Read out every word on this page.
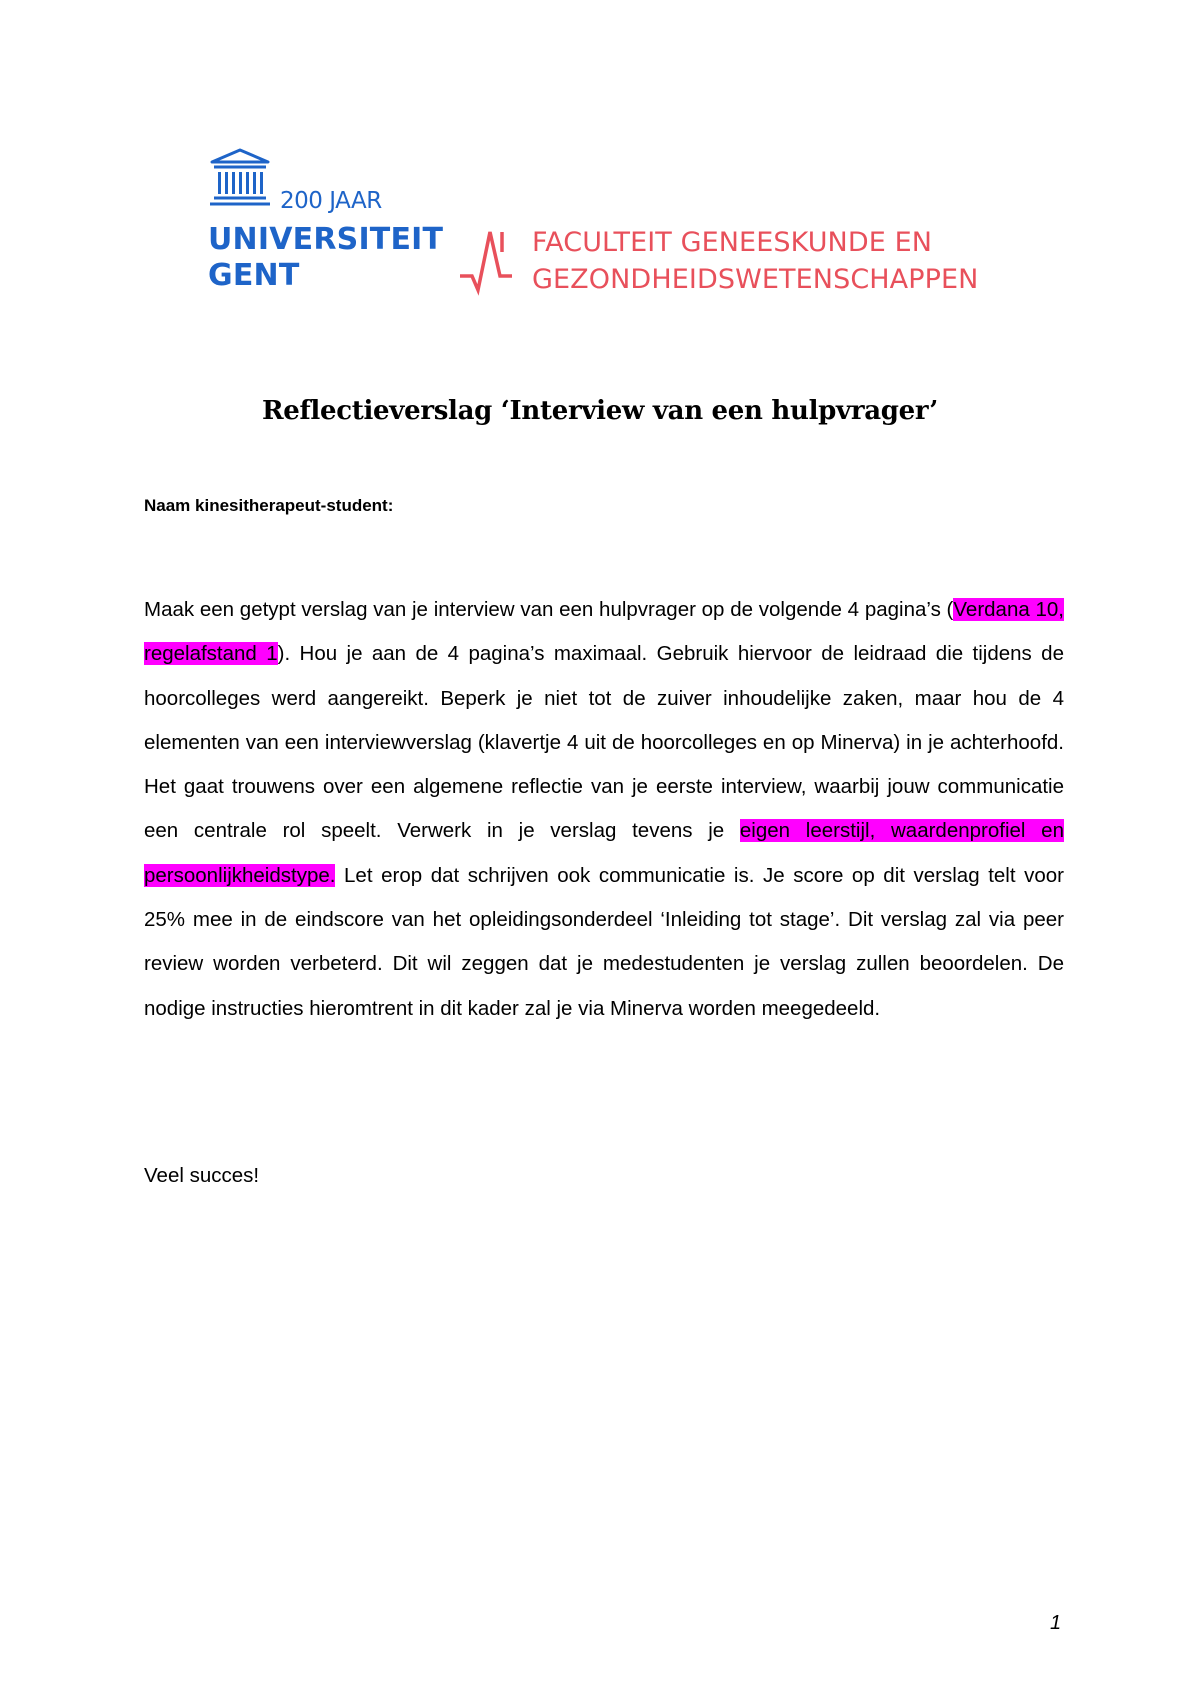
200 JAAR
UNIVERSITEIT
GENT
FACULTEIT GENEESKUNDE EN
GEZONDHEIDSWETENSCHAPPEN
Reflectieverslag ‘Interview van een hulpvrager’

Naam kinesitherapeut-student:

Maak een getypt verslag van je interview van een hulpvrager op de volgende 4 pagina’s (Verdana 10, regelafstand 1). Hou je aan de 4 pagina’s maximaal. Gebruik hiervoor de leidraad die tijdens de hoorcolleges werd aangereikt. Beperk je niet tot de zuiver inhoudelijke zaken, maar hou de 4 elementen van een interviewverslag (klavertje 4 uit de hoorcolleges en op Minerva) in je achterhoofd. Het gaat trouwens over een algemene reflectie van je eerste interview, waarbij jouw communicatie een centrale rol speelt. Verwerk in je verslag tevens je eigen leerstijl, waardenprofiel en persoonlijkheidstype. Let erop dat schrijven ook communicatie is. Je score op dit verslag telt voor 25% mee in de eindscore van het opleidingsonderdeel ‘Inleiding tot stage’. Dit verslag zal via peer review worden verbeterd. Dit wil zeggen dat je medestudenten je verslag zullen beoordelen. De nodige instructies hieromtrent in dit kader zal je via Minerva worden meegedeeld.

Veel succes!

1
